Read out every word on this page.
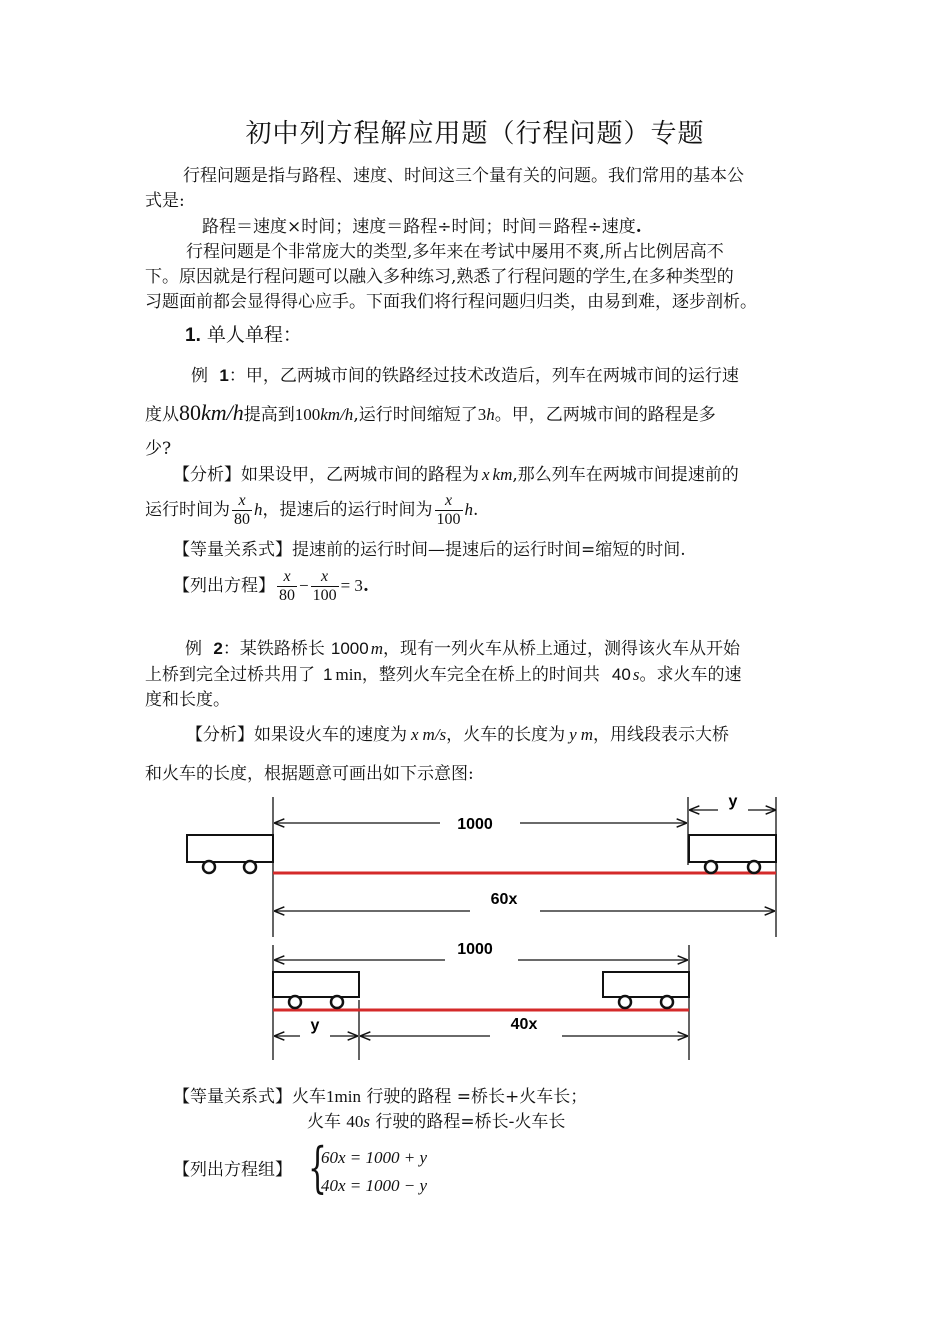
初中列方程解应用题（行程问题）专题
行程问题是指与路程、速度、时间这三个量有关的问题。我们常用的基本公
式是:
路程＝速度×时间；速度＝路程÷时间；时间＝路程÷速度.
行程问题是个非常庞大的类型,多年来在考试中屡用不爽,所占比例居高不
下。原因就是行程问题可以融入多种练习,熟悉了行程问题的学生,在多种类型的
习题面前都会显得得心应手。下面我们将行程问题归归类，由易到难，逐步剖析。
1. 单人单程：
例 1：甲，乙两城市间的铁路经过技术改造后，列车在两城市间的运行速
度从80km/h提高到100km/h,运行时间缩短了3h。甲，乙两城市间的路程是多
少?
【分析】如果设甲，乙两城市间的路程为 x km,那么列车在两城市间提速前的
运行时间为 $\frac{x}{80}$ h，提速后的运行时间为 $\frac{x}{100} h$.
【等量关系式】提速前的运行时间—提速后的运行时间=缩短的时间.
【列出方程】 $\frac{x}{80} - \frac{x}{100} = 3$.
例 2：某铁路桥长 1000 m，现有一列火车从桥上通过，测得该火车从开始
上桥到完全过桥共用了 1 min，整列火车完全在桥上的时间共 40 s。求火车的速
度和长度。
【分析】如果设火车的速度为 x m/s，火车的长度为 y m，用线段表示大桥
和火车的长度，根据题意可画出如下示意图:
y
1000
60x
1000
y	40x
【等量关系式】火车1min 行驶的路程 =桥长+火车长；
火车 40s 行驶的路程=桥长-火车长
【列出方程组】 {
60x = 1000 + y
40x = 1000 − y
